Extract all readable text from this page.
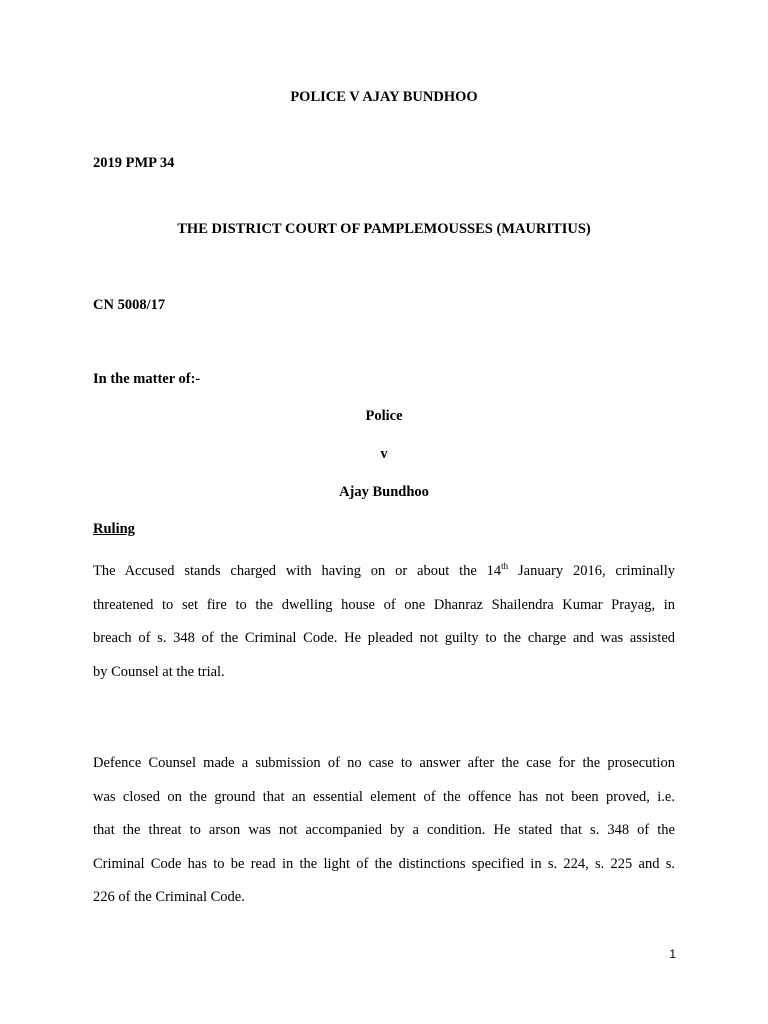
POLICE V AJAY BUNDHOO
2019 PMP 34
THE DISTRICT COURT OF PAMPLEMOUSSES (MAURITIUS)
CN 5008/17
In the matter of:-
Police
v
Ajay Bundhoo
Ruling
The Accused stands charged with having on or about the 14th January 2016, criminally
threatened to set fire to the dwelling house of one Dhanraz Shailendra Kumar Prayag, in
breach of s. 348 of the Criminal Code. He pleaded not guilty to the charge and was assisted
by Counsel at the trial.
Defence Counsel made a submission of no case to answer after the case for the prosecution
was closed on the ground that an essential element of the offence has not been proved, i.e.
that the threat to arson was not accompanied by a condition. He stated that s. 348 of the
Criminal Code has to be read in the light of the distinctions specified in s. 224, s. 225 and s.
226 of the Criminal Code.
1
